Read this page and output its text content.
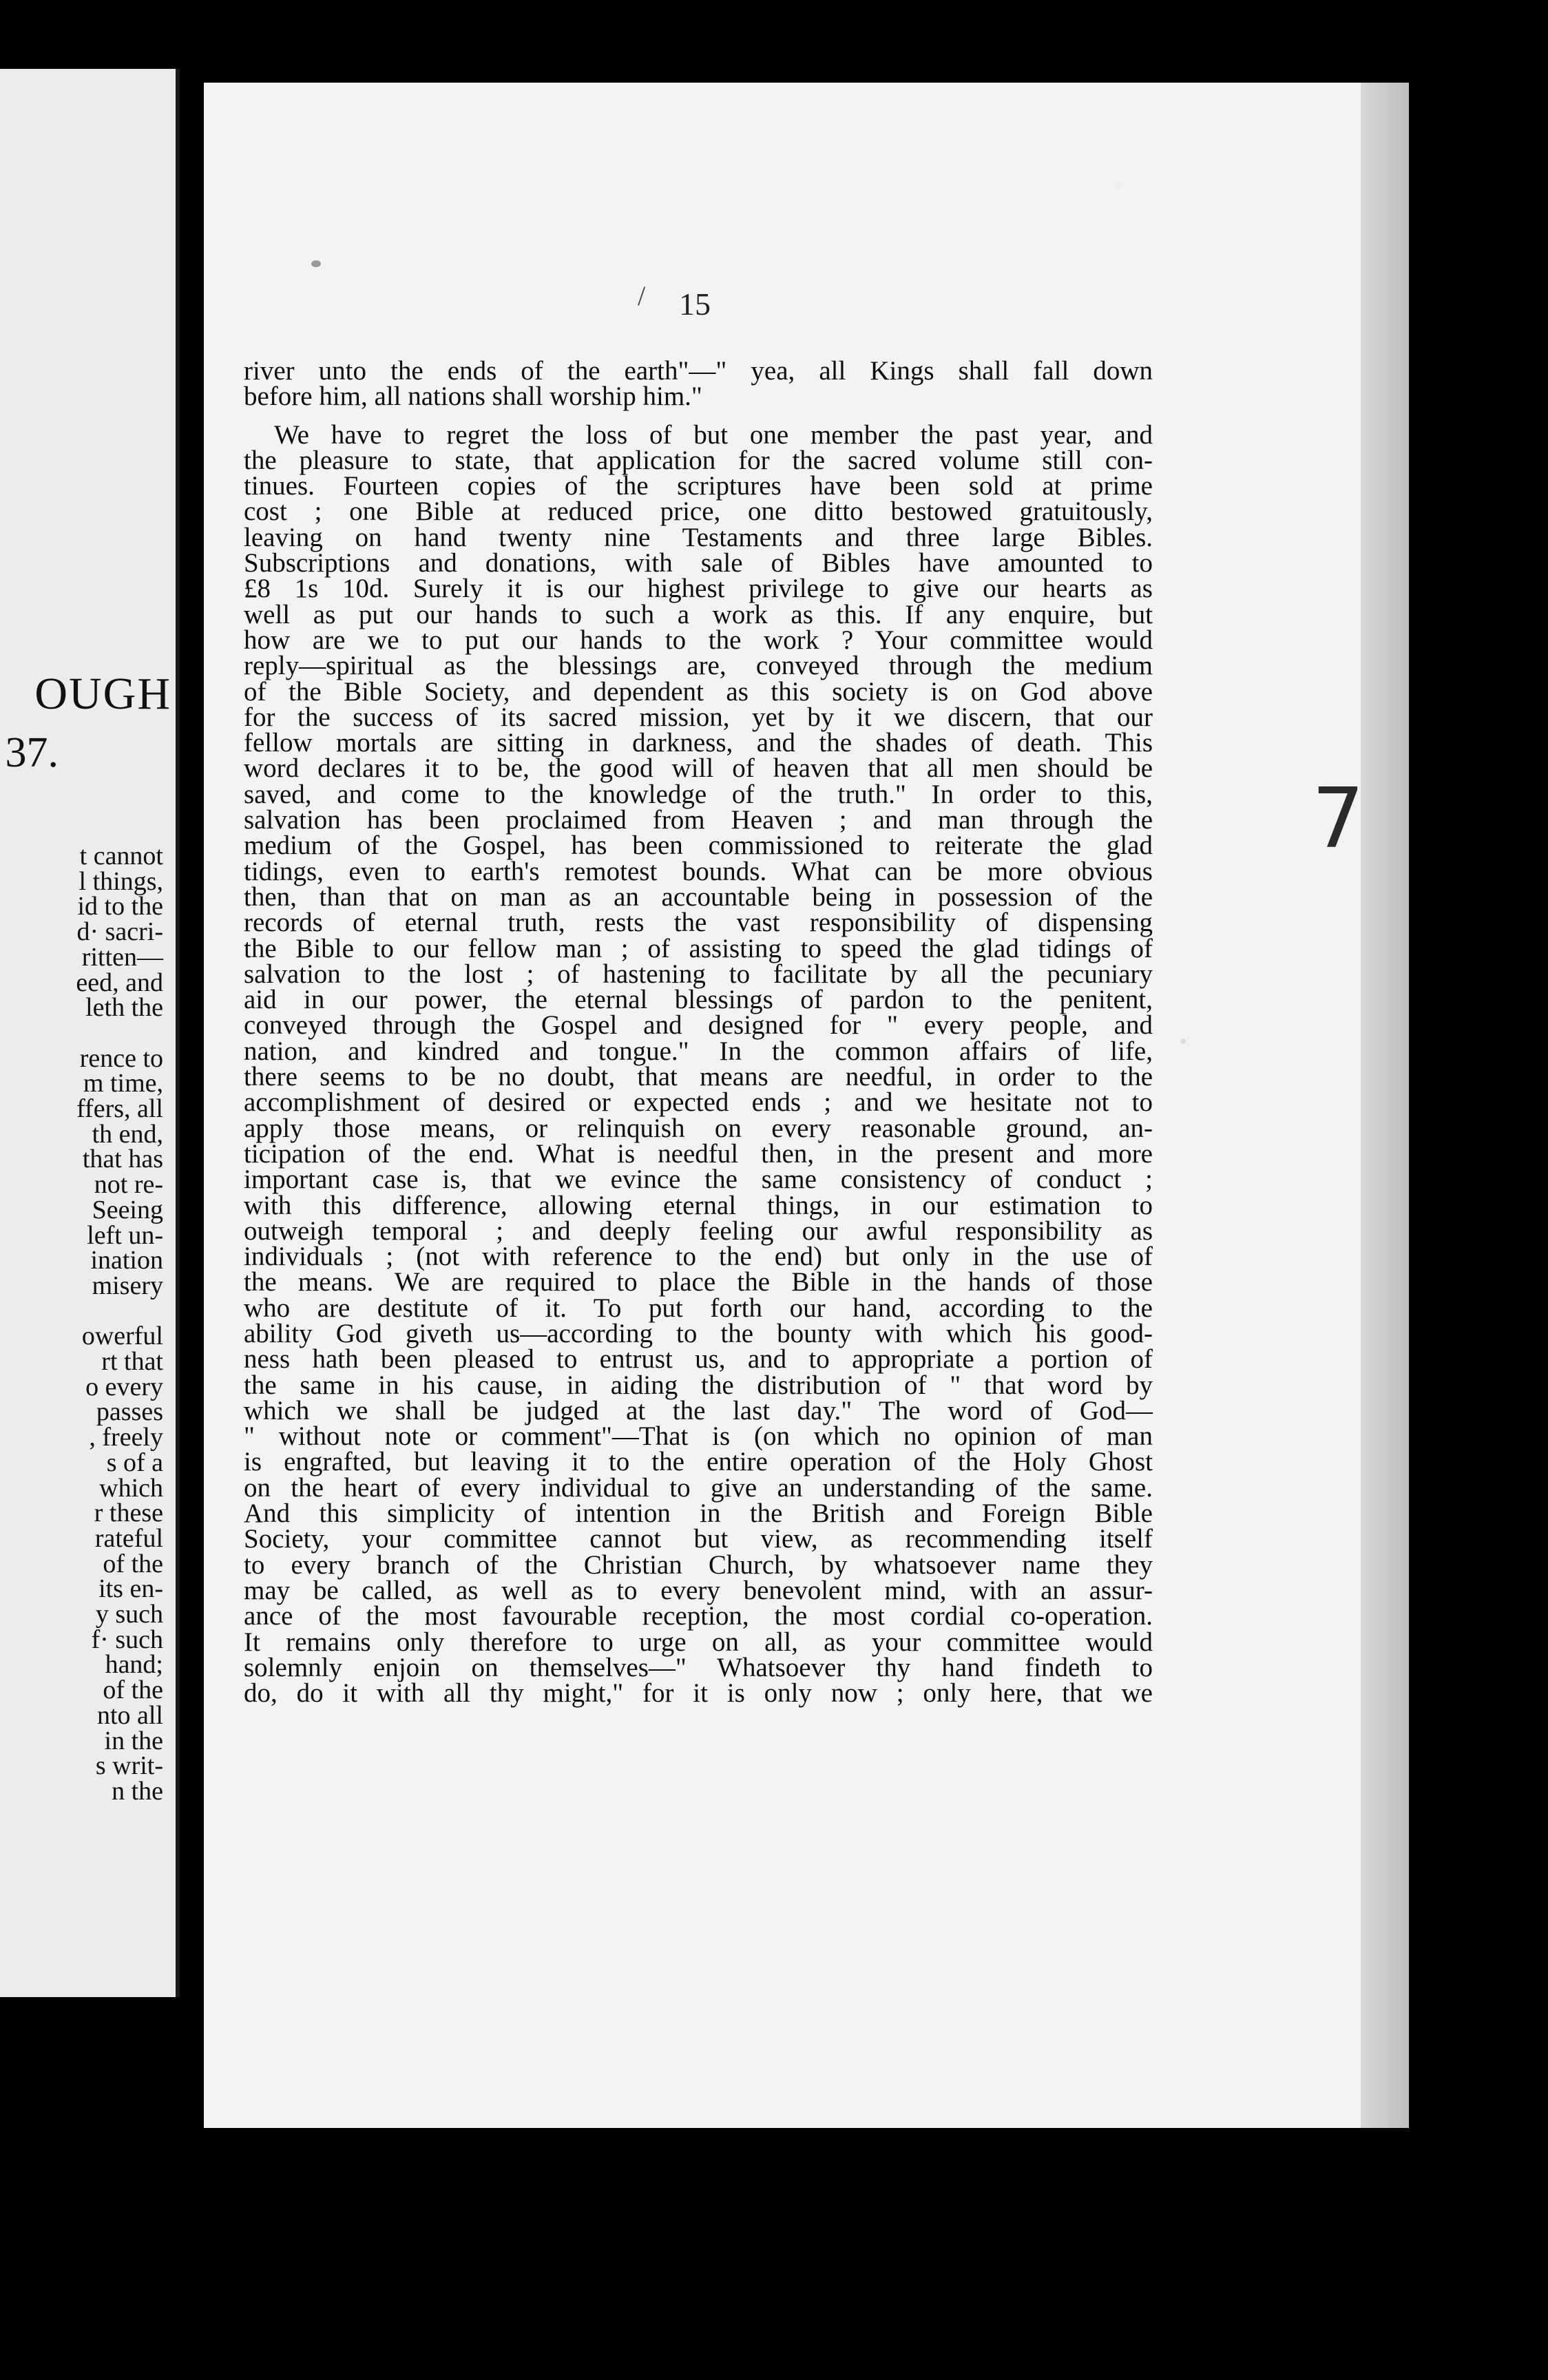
OUGH
37.
t cannot
l things,
id to the
d· sacri-
ritten—
eed, and
leth the
rence to
m time,
ffers, all
th end,
that has
not re-
Seeing
left un-
ination
misery
owerful
rt that
o every
passes
, freely
s of a
which
r these
rateful
of the
its en-
y such
f· such
hand;
of the
nto all
in the
s writ-
n the
/ 15
river unto the ends of the earth"—" yea, all Kings shall fall down
before him, all nations shall worship him."
We have to regret the loss of but one member the past year, and
the pleasure to state, that application for the sacred volume still con-
tinues. Fourteen copies of the scriptures have been sold at prime
cost ; one Bible at reduced price, one ditto bestowed gratuitously,
leaving on hand twenty nine Testaments and three large Bibles.
Subscriptions and donations, with sale of Bibles have amounted to
£8 1s 10d. Surely it is our highest privilege to give our hearts as
well as put our hands to such a work as this. If any enquire, but
how are we to put our hands to the work ? Your committee would
reply—spiritual as the blessings are, conveyed through the medium
of the Bible Society, and dependent as this society is on God above
for the success of its sacred mission, yet by it we discern, that our
fellow mortals are sitting in darkness, and the shades of death. This
word declares it to be, the good will of heaven that all men should be
saved, and come to the knowledge of the truth." In order to this,
salvation has been proclaimed from Heaven ; and man through the
medium of the Gospel, has been commissioned to reiterate the glad
tidings, even to earth's remotest bounds. What can be more obvious
then, than that on man as an accountable being in possession of the
records of eternal truth, rests the vast responsibility of dispensing
the Bible to our fellow man ; of assisting to speed the glad tidings of
salvation to the lost ; of hastening to facilitate by all the pecuniary
aid in our power, the eternal blessings of pardon to the penitent,
conveyed through the Gospel and designed for " every people, and
nation, and kindred and tongue." In the common affairs of life,
there seems to be no doubt, that means are needful, in order to the
accomplishment of desired or expected ends ; and we hesitate not to
apply those means, or relinquish on every reasonable ground, an-
ticipation of the end. What is needful then, in the present and more
important case is, that we evince the same consistency of conduct ;
with this difference, allowing eternal things, in our estimation to
outweigh temporal ; and deeply feeling our awful responsibility as
individuals ; (not with reference to the end) but only in the use of
the means. We are required to place the Bible in the hands of those
who are destitute of it. To put forth our hand, according to the
ability God giveth us—according to the bounty with which his good-
ness hath been pleased to entrust us, and to appropriate a portion of
the same in his cause, in aiding the distribution of " that word by
which we shall be judged at the last day." The word of God—
" without note or comment"—That is (on which no opinion of man
is engrafted, but leaving it to the entire operation of the Holy Ghost
on the heart of every individual to give an understanding of the same.
And this simplicity of intention in the British and Foreign Bible
Society, your committee cannot but view, as recommending itself
to every branch of the Christian Church, by whatsoever name they
may be called, as well as to every benevolent mind, with an assur-
ance of the most favourable reception, the most cordial co-operation.
It remains only therefore to urge on all, as your committee would
solemnly enjoin on themselves—" Whatsoever thy hand findeth to
do, do it with all thy might," for it is only now ; only here, that we
7
